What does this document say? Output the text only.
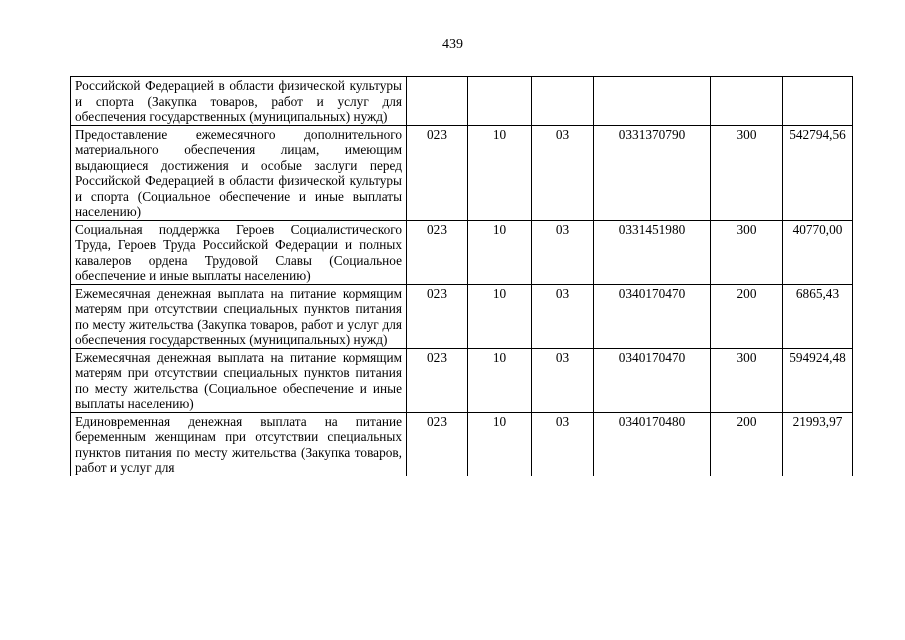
439
Российской Федерацией в области физической культуры и спорта (Закупка товаров, работ и услуг для обеспечения государственных (муниципальных) нужд)						
Предоставление ежемесячного дополнительного материального обеспечения лицам, имеющим выдающиеся достижения и особые заслуги перед Российской Федерацией в области физической культуры и спорта (Социальное обеспечение и иные выплаты населению)	023	10	03	0331370790	300	542794,56
Социальная поддержка Героев Социалистического Труда, Героев Труда Российской Федерации и полных кавалеров ордена Трудовой Славы (Социальное обеспечение и иные выплаты населению)	023	10	03	0331451980	300	40770,00
Ежемесячная денежная выплата на питание кормящим матерям при отсутствии специальных пунктов питания по месту жительства (Закупка товаров, работ и услуг для обеспечения государственных (муниципальных) нужд)	023	10	03	0340170470	200	6865,43
Ежемесячная денежная выплата на питание кормящим матерям при отсутствии специальных пунктов питания по месту жительства (Социальное обеспечение и иные выплаты населению)	023	10	03	0340170470	300	594924,48
Единовременная денежная выплата на питание беременным женщинам при отсутствии специальных пунктов питания по месту жительства (Закупка товаров, работ и услуг для	023	10	03	0340170480	200	21993,97
